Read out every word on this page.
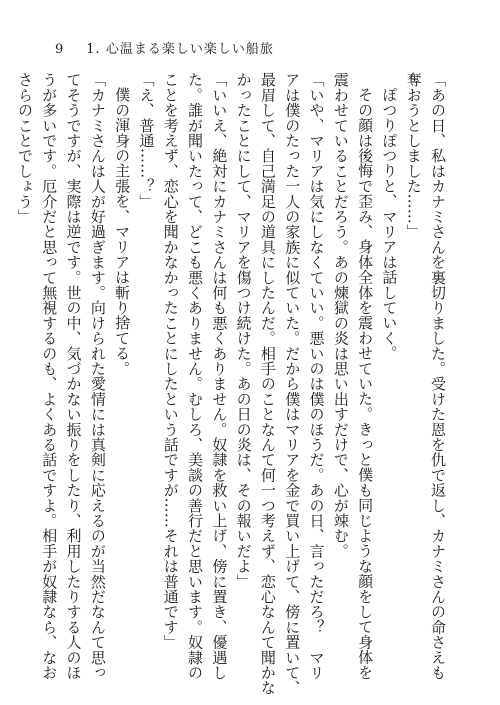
9 1. 心温まる楽しい楽しい船旅
「あの日、私はカナミさんを裏切りました。受けた恩を仇で返し、カナミさんの命さえも
奪おうとしました……」
ぽつりぽつりと、マリアは話していく。
その顔は後悔で歪み、身体全体を震わせていた。きっと僕も同じような顔をして身体を
震わせていることだろう。あの煉獄の炎は思い出すだけで、心が竦む。
「いや、マリアは気にしなくていい。悪いのは僕のほうだ。あの日、言っただろ？　マリ
アは僕のたった一人の家族に似ていた。だから僕はマリアを金で買い上げて、傍に置いて、
最眉して、自己満足の道具にしたんだ。相手のことなんて何一つ考えず、恋心なんて聞かな
かったことにして、マリアを傷つけ続けた。あの日の炎は、その報いだよ」
「いいえ、絶対にカナミさんは何も悪くありません。奴隷を救い上げ、傍に置き、優遇し
た。誰が聞いたって、どこも悪くありません。むしろ、美談の善行だと思います。奴隷の
ことを考えず、恋心を聞かなかったことにしたという話ですが……それは普通です」
「え、普通……？」
僕の渾身の主張を、マリアは斬り捨てる。
「カナミさんは人が好過ぎます。向けられた愛情には真剣に応えるのが当然だなんて思っ
てそうですが、実際は逆です。世の中、気づかない振りをしたり、利用したりする人のほ
うが多いです。厄介だと思って無視するのも、よくある話ですよ。相手が奴隷なら、なお
さらのことでしょう」
